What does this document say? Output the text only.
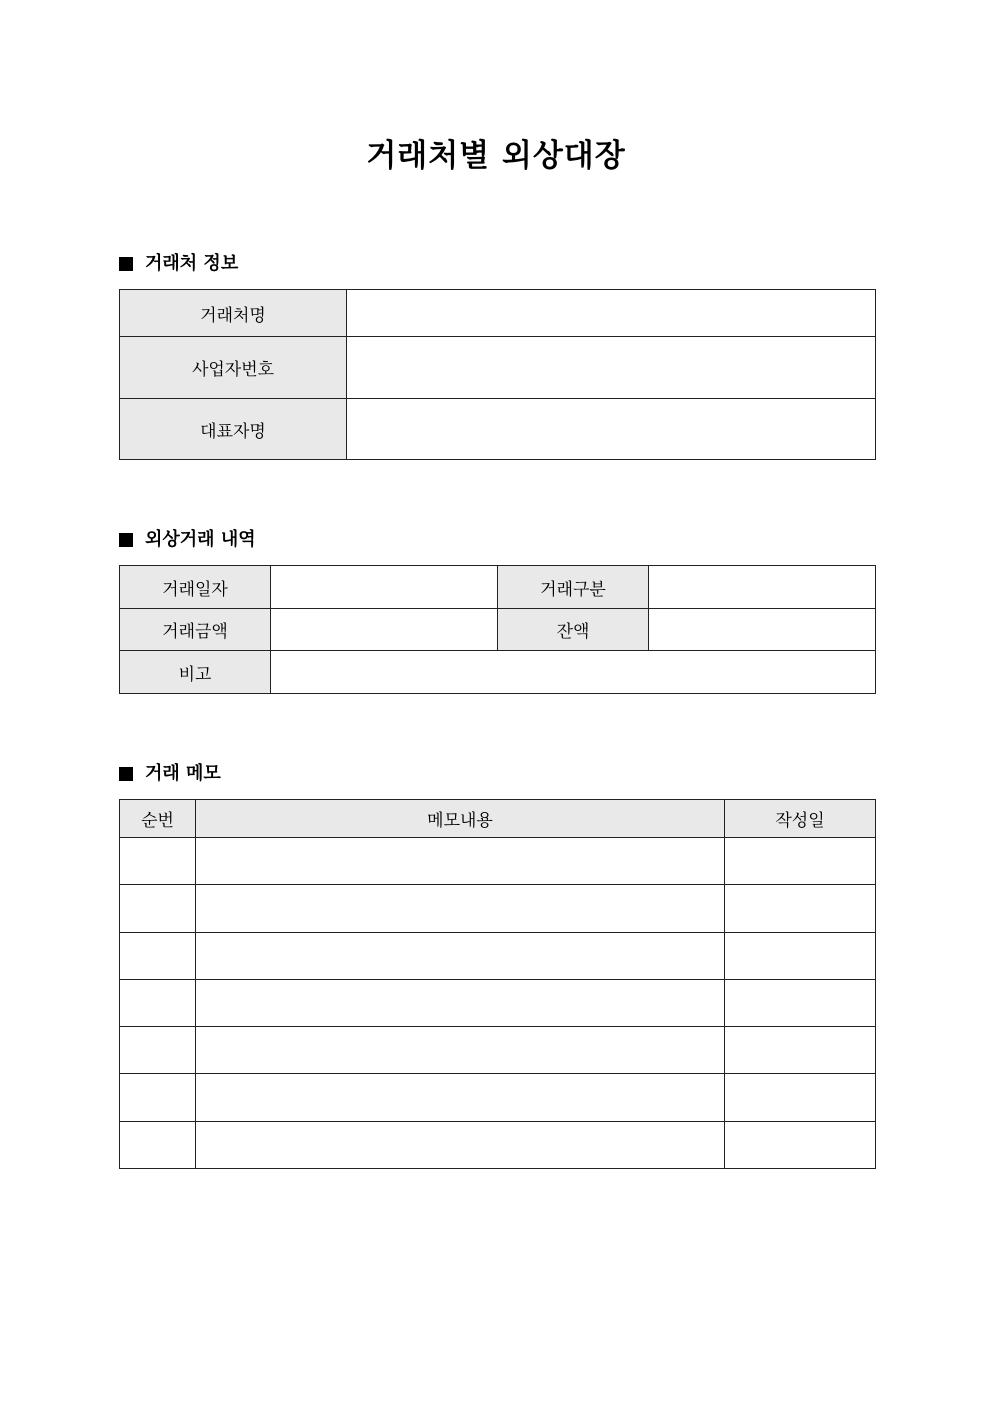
거래처별 외상대장
거래처 정보
거래처명	
사업자번호	
대표자명	
외상거래 내역
거래일자		거래구분	
거래금액		잔액	
비고			
거래 메모
순번	메모내용	작성일
